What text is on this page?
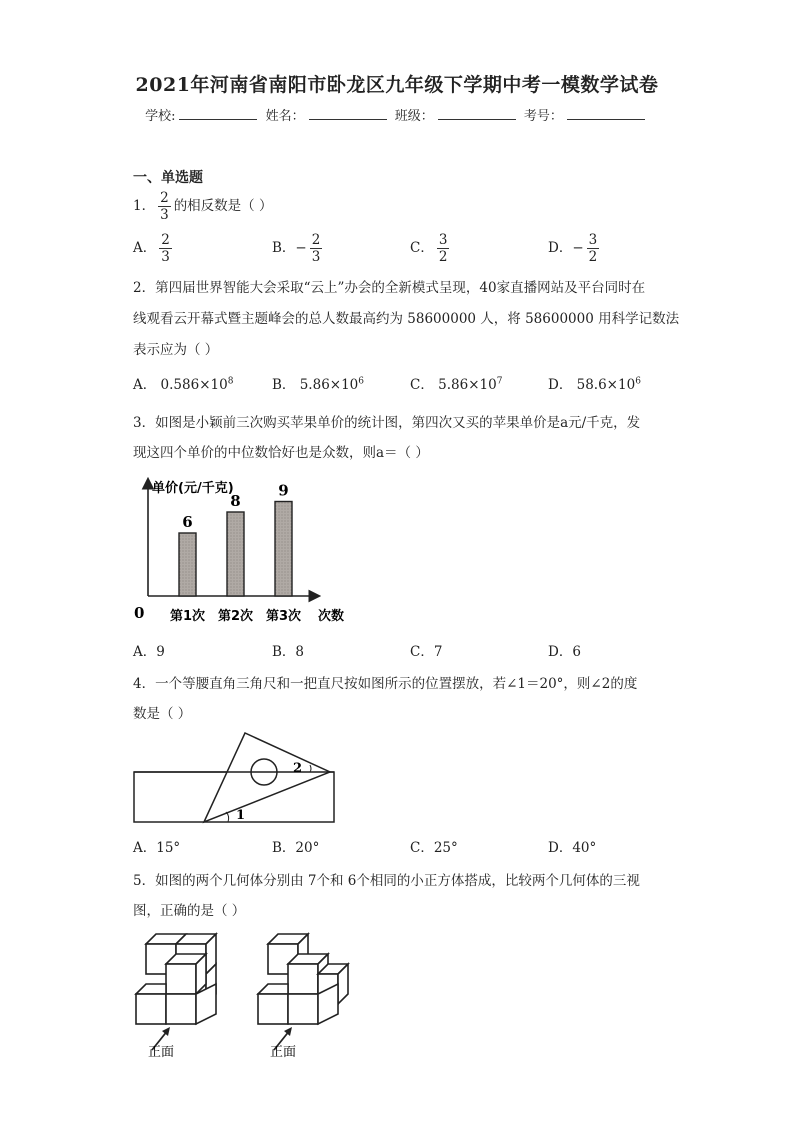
2021年河南省南阳市卧龙区九年级下学期中考一模数学试卷
学校:	姓名：	班级：	考号：
一、单选题
1． $\frac{2}{3}$ 的相反数是（ ）
A． $\frac{2}{3}$	B．− $\frac{2}{3}$	C． $\frac{3}{2}$	D．− $\frac{3}{2}$
2．第四届世界智能大会采取“云上”办会的全新模式呈现，40家直播网站及平台同时在
线观看云开幕式暨主题峰会的总人数最高约为 58600000 人，将 58600000 用科学记数法
表示应为（ ）
A． $0.586\times 10^8$	B． $5.86\times 10^6$	C． $5.86\times 10^7$	D． $58.6\times 10^6$
3．如图是小颖前三次购买苹果单价的统计图，第四次又买的苹果单价是a元/千克，发
现这四个单价的中位数恰好也是众数，则a＝（ ）
单价(元/千克)
0	次数
6
第1次
8
第2次
9
第3次
A．9	B．8	C．7	D．6
4．一个等腰直角三角尺和一把直尺按如图所示的位置摆放，若∠1＝20°，则∠2的度
数是（ ）
1
2
A．15°	B．20°	C．25°	D．40°
5．如图的两个几何体分别由 7个和 6个相同的小正方体搭成，比较两个几何体的三视
图，正确的是（ ）
正面	正面
